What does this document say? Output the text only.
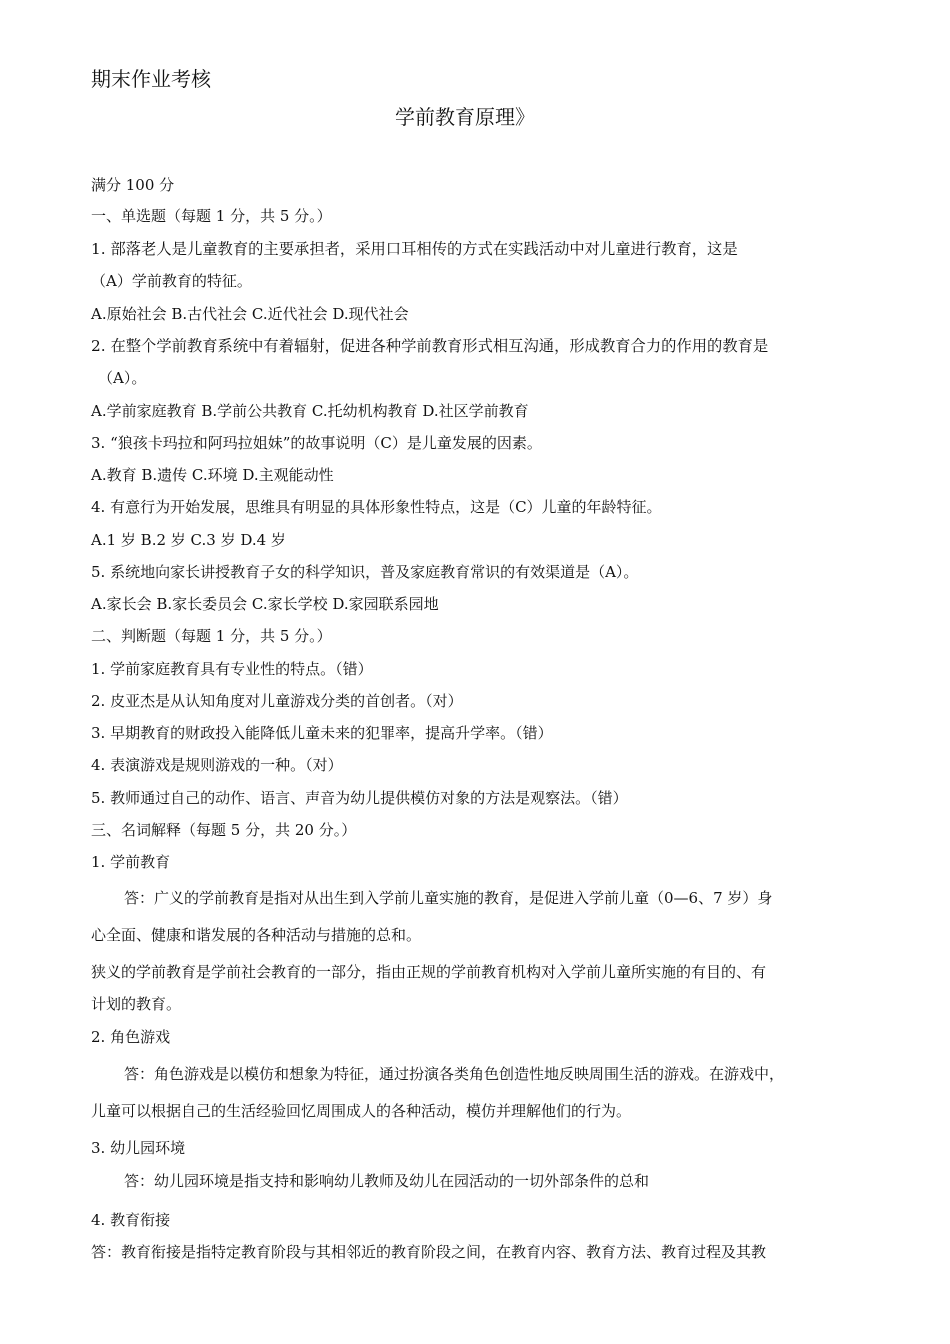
期末作业考核
学前教育原理》
满分 100 分
一、单选题（每题 1 分，共 5 分。）
1. 部落老人是儿童教育的主要承担者，采用口耳相传的方式在实践活动中对儿童进行教育，这是
（A）学前教育的特征。
A.原始社会 B.古代社会 C.近代社会 D.现代社会
2. 在整个学前教育系统中有着辐射，促进各种学前教育形式相互沟通，形成教育合力的作用的教育是
（A）。
A.学前家庭教育 B.学前公共教育 C.托幼机构教育 D.社区学前教育
3. “狼孩卡玛拉和阿玛拉姐妹”的故事说明（C）是儿童发展的因素。
A.教育 B.遗传 C.环境 D.主观能动性
4. 有意行为开始发展，思维具有明显的具体形象性特点，这是（C）儿童的年龄特征。
A.1 岁 B.2 岁 C.3 岁 D.4 岁
5. 系统地向家长讲授教育子女的科学知识，普及家庭教育常识的有效渠道是（A）。
A.家长会 B.家长委员会 C.家长学校 D.家园联系园地
二、判断题（每题 1 分，共 5 分。）
1. 学前家庭教育具有专业性的特点。（错）
2. 皮亚杰是从认知角度对儿童游戏分类的首创者。（对）
3. 早期教育的财政投入能降低儿童未来的犯罪率，提高升学率。（错）
4. 表演游戏是规则游戏的一种。（对）
5. 教师通过自己的动作、语言、声音为幼儿提供模仿对象的方法是观察法。（错）
三、名词解释（每题 5 分，共 20 分。）
1. 学前教育
答：广义的学前教育是指对从出生到入学前儿童实施的教育，是促进入学前儿童（0—6、7 岁）身
心全面、健康和谐发展的各种活动与措施的总和。
狭义的学前教育是学前社会教育的一部分，指由正规的学前教育机构对入学前儿童所实施的有目的、有
计划的教育。
2. 角色游戏
答：角色游戏是以模仿和想象为特征，通过扮演各类角色创造性地反映周围生活的游戏。在游戏中，
儿童可以根据自己的生活经验回忆周围成人的各种活动，模仿并理解他们的行为。
3. 幼儿园环境
答：幼儿园环境是指支持和影响幼儿教师及幼儿在园活动的一切外部条件的总和
4. 教育衔接
答：教育衔接是指特定教育阶段与其相邻近的教育阶段之间，在教育内容、教育方法、教育过程及其教
